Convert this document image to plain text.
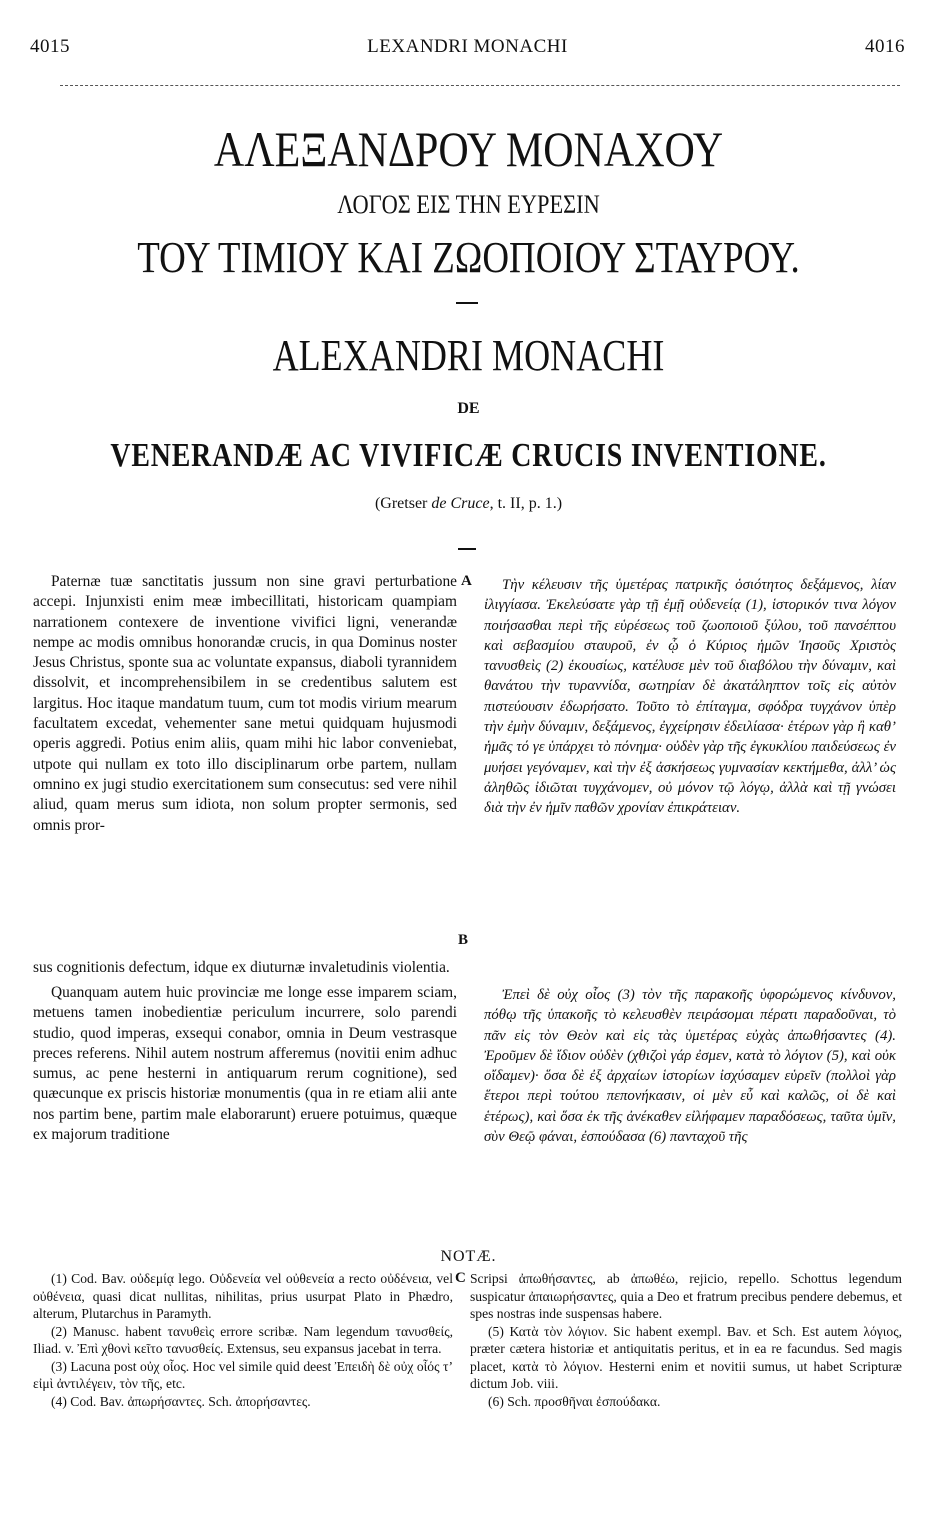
4015	LEXANDRI MONACHI	4016
ΑΛΕΞΑΝΔΡΟΥ ΜΟΝΑΧΟΥ
ΛΟΓΟΣ ΕΙΣ ΤΗΝ ΕΥΡΕΣΙΝ
ΤΟΥ ΤΙΜΙΟΥ ΚΑΙ ΖΩΟΠΟΙΟΥ ΣΤΑΥΡΟΥ.
ALEXANDRI MONACHI
DE
VENERANDÆ AC VIVIFICÆ CRUCIS INVENTIONE.
(Gretser de Cruce, t. II, p. 1.)
A
B
C

Paternæ tuæ sanctitatis jussum non sine gravi perturbatione accepi. Injunxisti enim meæ imbecillitati, historicam quampiam narrationem contexere de inventione vivifici ligni, venerandæ nempe ac modis omnibus honorandæ crucis, in qua Dominus noster Jesus Christus, sponte sua ac voluntate expansus, diaboli tyrannidem dissolvit, et incomprehensibilem in se credentibus salutem est largitus. Hoc itaque mandatum tuum, cum tot modis virium mearum facultatem excedat, vehementer sane metui quidquam hujusmodi operis aggredi. Potius enim aliis, quam mihi hic labor conveniebat, utpote qui nullam ex toto illo disciplinarum orbe partem, nullam omnino ex jugi studio exercitationem sum consecutus: sed vere nihil aliud, quam merus sum idiota, non solum propter sermonis, sed omnis pror-

Τὴν κέλευσιν τῆς ὑμετέρας πατρικῆς ὁσιότητος δεξάμενος, λίαν ἰλιγγίασα. Ἐκελεύσατε γὰρ τῇ ἐμῇ οὐδενείᾳ (1), ἱστορικόν τινα λόγον ποιήσασθαι περὶ τῆς εὑρέσεως τοῦ ζωοποιοῦ ξύλου, τοῦ πανσέπτου καὶ σεβασμίου σταυροῦ, ἐν ᾧ ὁ Κύριος ἡμῶν Ἰησοῦς Χριστὸς τανυσθεὶς (2) ἑκουσίως, κατέλυσε μὲν τοῦ διαβόλου τὴν δύναμιν, καὶ θανάτου τὴν τυραννίδα, σωτηρίαν δὲ ἀκατάληπτον τοῖς εἰς αὐτὸν πιστεύουσιν ἐδωρήσατο. Τοῦτο τὸ ἐπίταγμα, σφόδρα τυγχάνον ὑπὲρ τὴν ἐμὴν δύναμιν, δεξάμενος, ἐγχείρησιν ἐδειλίασα· ἑτέρων γὰρ ἢ καθ’ ἡμᾶς τό γε ὑπάρχει τὸ πόνημα· οὐδὲν γὰρ τῆς ἐγκυκλίου παιδεύσεως ἐν μυήσει γεγόναμεν, καὶ τὴν ἐξ ἀσκήσεως γυμνασίαν κεκτήμεθα, ἀλλ’ ὡς ἀληθῶς ἰδιῶται τυγχάνομεν, οὐ μόνον τῷ λόγῳ, ἀλλὰ καὶ τῇ γνώσει διὰ τὴν ἐν ἡμῖν παθῶν χρονίαν ἐπικράτειαν.

sus cognitionis defectum, idque ex diuturnæ invaletudinis violentia.

Quanquam autem huic provinciæ me longe esse imparem sciam, metuens tamen inobedientiæ periculum incurrere, solo parendi studio, quod imperas, exsequi conabor, omnia in Deum vestrasque preces referens. Nihil autem nostrum afferemus (novitii enim adhuc sumus, ac pene hesterni in antiquarum rerum cognitione), sed quæcunque ex priscis historiæ monumentis (qua in re etiam alii ante nos partim bene, partim male elaborarunt) eruere potuimus, quæque ex majorum traditione

Ἐπεὶ δὲ οὐχ οἷος (3) τὸν τῆς παρακοῆς ὑφορώμενος κίνδυνον, πόθῳ τῆς ὑπακοῆς τὸ κελευσθὲν πειράσομαι πέρατι παραδοῦναι, τὸ πᾶν εἰς τὸν Θεὸν καὶ εἰς τὰς ὑμετέρας εὐχὰς ἀπωθήσαντες (4). Ἐροῦμεν δὲ ἴδιον οὐδὲν (χθιζοὶ γάρ ἐσμεν, κατὰ τὸ λόγιον (5), καὶ οὐκ οἴδαμεν)· ὅσα δὲ ἐξ ἀρχαίων ἱστορίων ἰσχύσαμεν εὑρεῖν (πολλοὶ γὰρ ἕτεροι περὶ τούτου πεπονήκασιν, οἱ μὲν εὖ καὶ καλῶς, οἱ δὲ καὶ ἑτέρως), καὶ ὅσα ἐκ τῆς ἀνέκαθεν εἰλήφαμεν παραδόσεως, ταῦτα ὑμῖν, σὺν Θεῷ φάναι, ἐσπούδασα (6) πανταχοῦ τῆς

NOTÆ.

(1) Cod. Bav. οὐδεμίᾳ lego. Οὐδενεία vel οὐθενεία a recto οὐδένεια, vel οὐθένεια, quasi dicat nullitas, nihilitas, prius usurpat Plato in Phædro, alterum, Plutarchus in Paramyth.

(2) Manusc. habent τανυθεὶς errore scribæ. Nam legendum τανυσθείς, Iliad. v. Ἐπὶ χθονὶ κεῖτο τανυσθείς. Extensus, seu expansus jacebat in terra.

(3) Lacuna post οὐχ οἷος. Hoc vel simile quid deest Ἐπειδὴ δὲ οὐχ οἷός τ’ εἰμὶ ἀντιλέγειν, τὸν τῆς, etc.

(4) Cod. Bav. ἀπωρήσαντες. Sch. ἀπορήσαντες.

Scripsi ἀπωθήσαντες, ab ἀπωθέω, rejicio, repello. Schottus legendum suspicatur ἀπαιωρήσαντες, quia a Deo et fratrum precibus pendere debemus, et spes nostras inde suspensas habere.

(5) Κατὰ τὸν λόγιον. Sic habent exempl. Bav. et Sch. Est autem λόγιος, præter cætera historiæ et antiquitatis peritus, et in ea re facundus. Sed magis placet, κατὰ τὸ λόγιον. Hesterni enim et novitii sumus, ut habet Scripturæ dictum Job. viii.

(6) Sch. προσθῆναι ἐσπούδακα.
